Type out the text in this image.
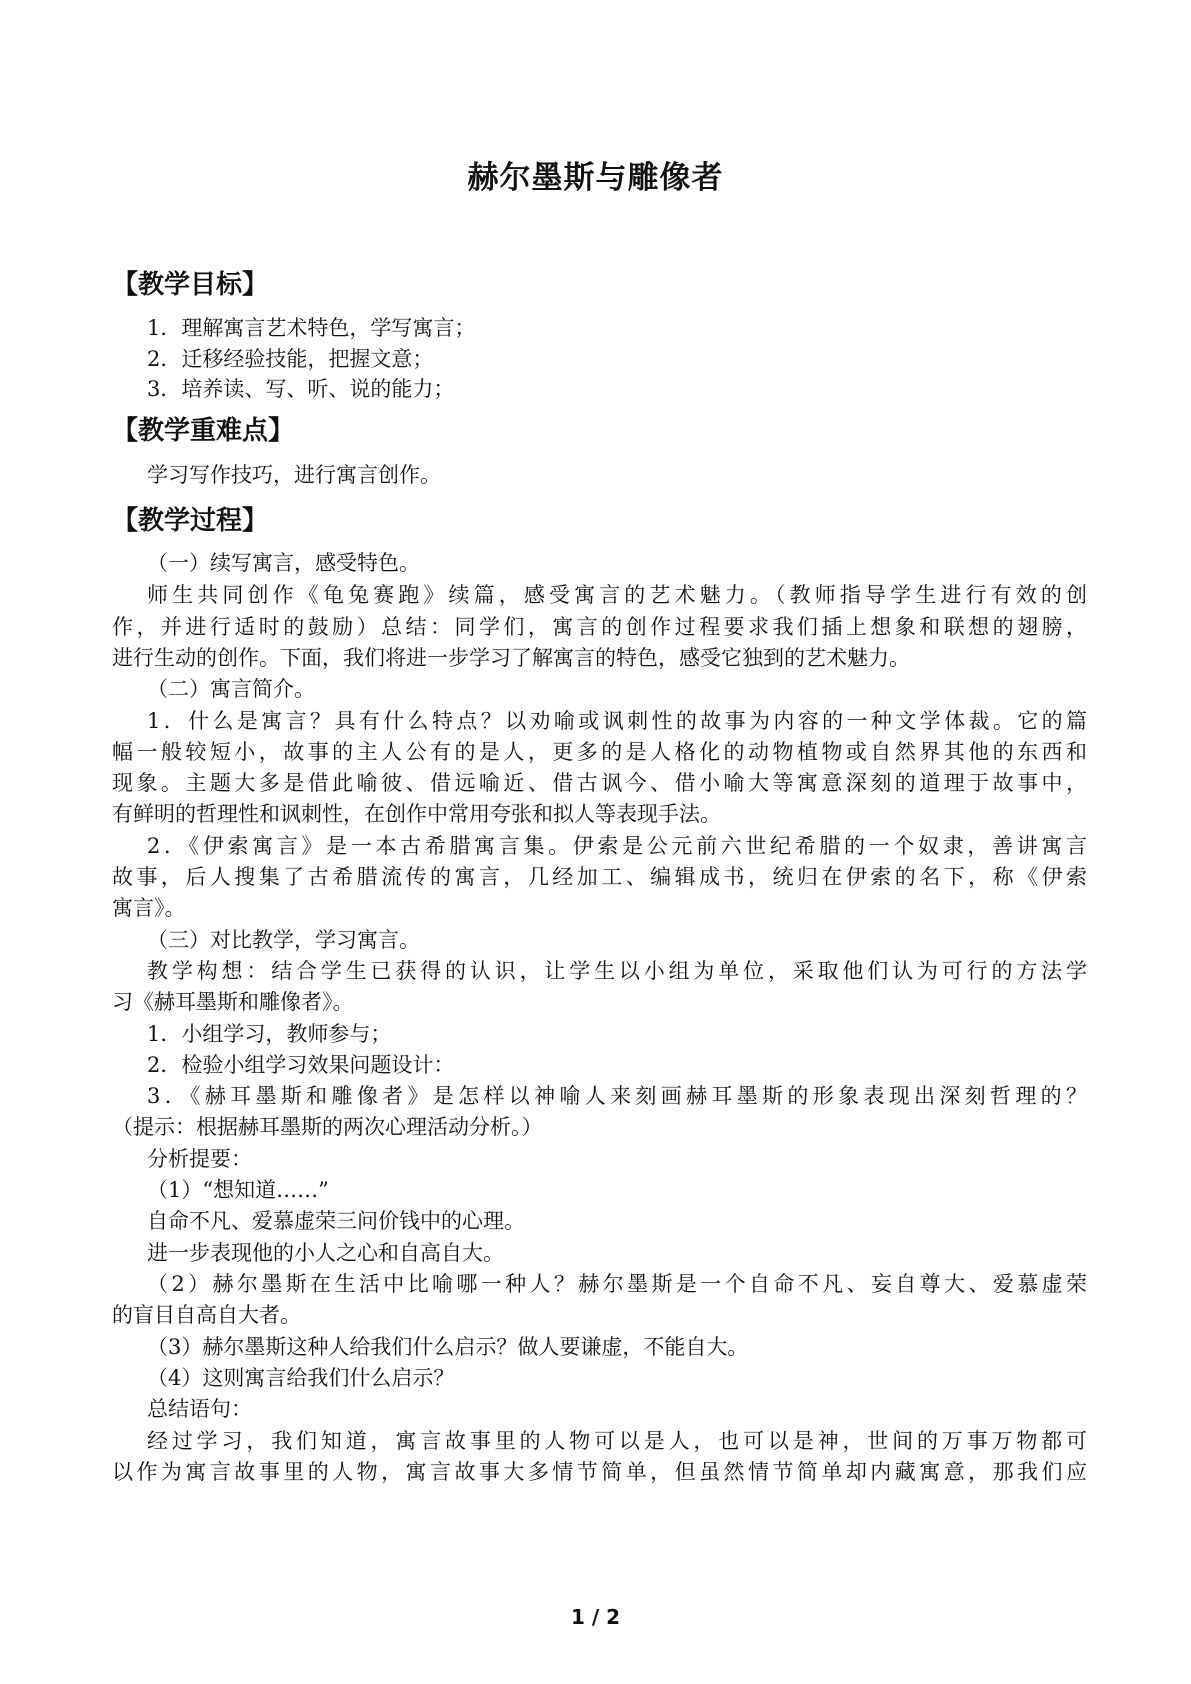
赫尔墨斯与雕像者
【教学目标】
1．理解寓言艺术特色，学写寓言；
2．迁移经验技能，把握文意；
3．培养读、写、听、说的能力；
【教学重难点】
学习写作技巧，进行寓言创作。
【教学过程】
（一）续写寓言，感受特色。
师生共同创作《龟兔赛跑》续篇，感受寓言的艺术魅力。（教师指导学生进行有效的创
作，并进行适时的鼓励）总结：同学们，寓言的创作过程要求我们插上想象和联想的翅膀，
进行生动的创作。下面，我们将进一步学习了解寓言的特色，感受它独到的艺术魅力。
（二）寓言简介。
1．什么是寓言？具有什么特点？以劝喻或讽刺性的故事为内容的一种文学体裁。它的篇
幅一般较短小，故事的主人公有的是人，更多的是人格化的动物植物或自然界其他的东西和
现象。主题大多是借此喻彼、借远喻近、借古讽今、借小喻大等寓意深刻的道理于故事中，
有鲜明的哲理性和讽刺性，在创作中常用夸张和拟人等表现手法。
2．《伊索寓言》是一本古希腊寓言集。伊索是公元前六世纪希腊的一个奴隶，善讲寓言
故事，后人搜集了古希腊流传的寓言，几经加工、编辑成书，统归在伊索的名下，称《伊索
寓言》。
（三）对比教学，学习寓言。
教学构想：结合学生已获得的认识，让学生以小组为单位，采取他们认为可行的方法学
习《赫耳墨斯和雕像者》。
1．小组学习，教师参与；
2．检验小组学习效果问题设计：
3．《赫耳墨斯和雕像者》是怎样以神喻人来刻画赫耳墨斯的形象表现出深刻哲理的？
（提示：根据赫耳墨斯的两次心理活动分析。）
分析提要：
（1）“想知道……”
自命不凡、爱慕虚荣三问价钱中的心理。
进一步表现他的小人之心和自高自大。
（2）赫尔墨斯在生活中比喻哪一种人？赫尔墨斯是一个自命不凡、妄自尊大、爱慕虚荣
的盲目自高自大者。
（3）赫尔墨斯这种人给我们什么启示？做人要谦虚，不能自大。
（4）这则寓言给我们什么启示？
总结语句：
经过学习，我们知道，寓言故事里的人物可以是人，也可以是神，世间的万事万物都可
以作为寓言故事里的人物，寓言故事大多情节简单，但虽然情节简单却内藏寓意，那我们应
1 / 2
